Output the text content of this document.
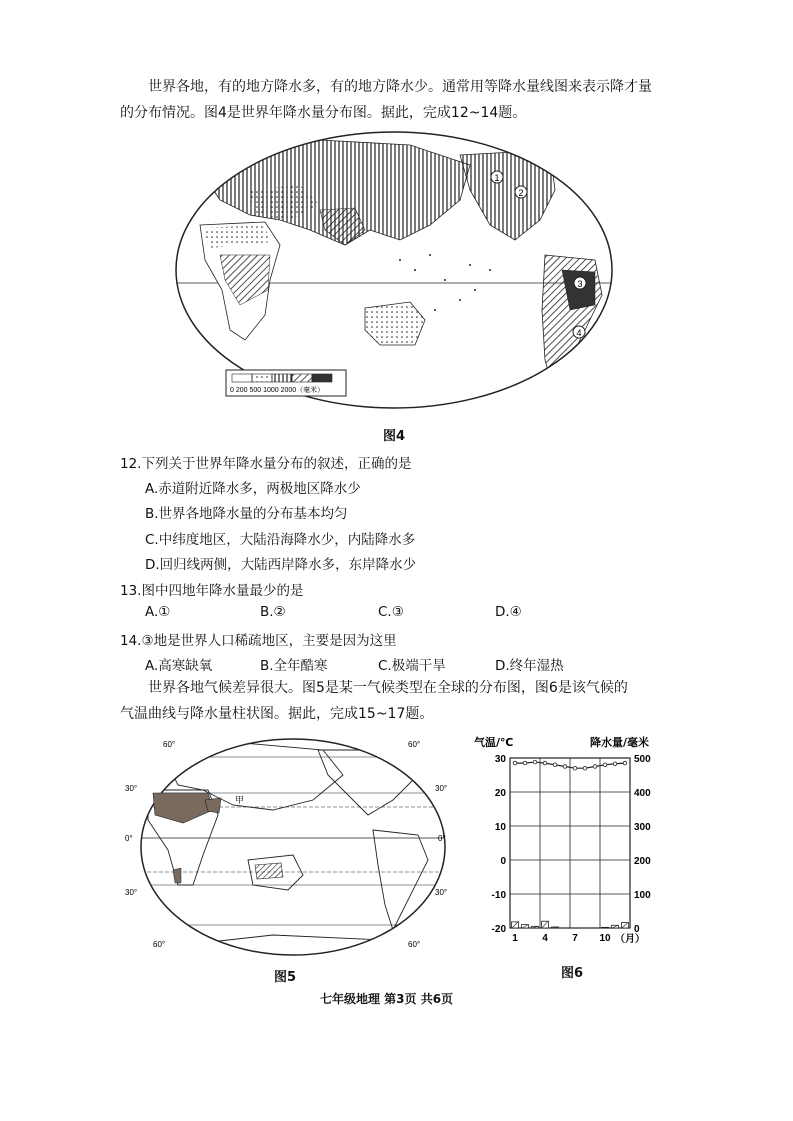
世界各地，有的地方降水多，有的地方降水少。通常用等降水量线图来表示降才量
的分布情况。图4是世界年降水量分布图。据此，完成12~14题。
1
2
3
4
0 200 500 1000 2000（毫米）
图4
12.下列关于世界年降水量分布的叙述，正确的是
A.赤道附近降水多，两极地区降水少
B.世界各地降水量的分布基本均匀
C.中纬度地区，大陆沿海降水少，内陆降水多
D.回归线两侧，大陆西岸降水多，东岸降水少
13.图中四地年降水量最少的是
A.①	B.②	C.③	D.④
14.③地是世界人口稀疏地区，主要是因为这里
A.高寒缺氧	B.全年酷寒	C.极端干旱	D.终年湿热
世界各地气候差异很大。图5是某一气候类型在全球的分布图，图6是该气候的
气温曲线与降水量柱状图。据此，完成15~17题。
60°	60°
30°	30°
0°	0°
30°	30°
60°	60°
甲
图5
气温/℃	降水量/毫米
30
20
10
0
-10
-20
500
400
300
200
100
0
1 4 7 10 （月）
图6
七年级地理 第3页 共6页
